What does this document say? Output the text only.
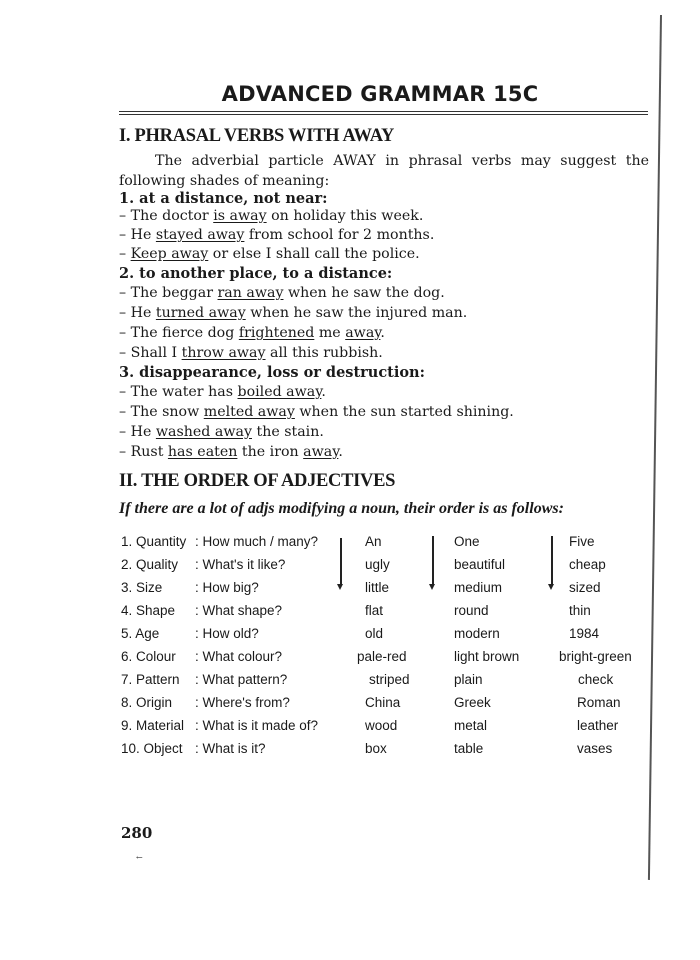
ADVANCED GRAMMAR 15C
I. PHRASAL VERBS WITH AWAY
The adverbial particle AWAY in phrasal verbs may suggest the following shades of meaning:
1. at a distance, not near:
– The doctor is away on holiday this week.
– He stayed away from school for 2 months.
– Keep away or else I shall call the police.
2. to another place, to a distance:
– The beggar ran away when he saw the dog.
– He turned away when he saw the injured man.
– The fierce dog frightened me away.
– Shall I throw away all this rubbish.
3. disappearance, loss or destruction:
– The water has boiled away.
– The snow melted away when the sun started shining.
– He washed away the stain.
– Rust has eaten the iron away.
II. THE ORDER OF ADJECTIVES
If there are a lot of adjs modifying a noun, their order is as follows:
1. Quantity : How much / many?	An	One	Five
2. Quality	: What's it like?	ugly	beautiful	cheap
3. Size	: How big?	little	medium	sized
4. Shape	: What shape?	flat	round	thin
5. Age	: How old?	old	modern	1984
6. Colour	: What colour?	pale-red	light brown	bright-green
7. Pattern	: What pattern?	striped	plain	check
8. Origin	: Where's from?	China	Greek	Roman
9. Material : What is it made of?	wood	metal	leather
10. Object : What is it?	box	table	vases
280
←
